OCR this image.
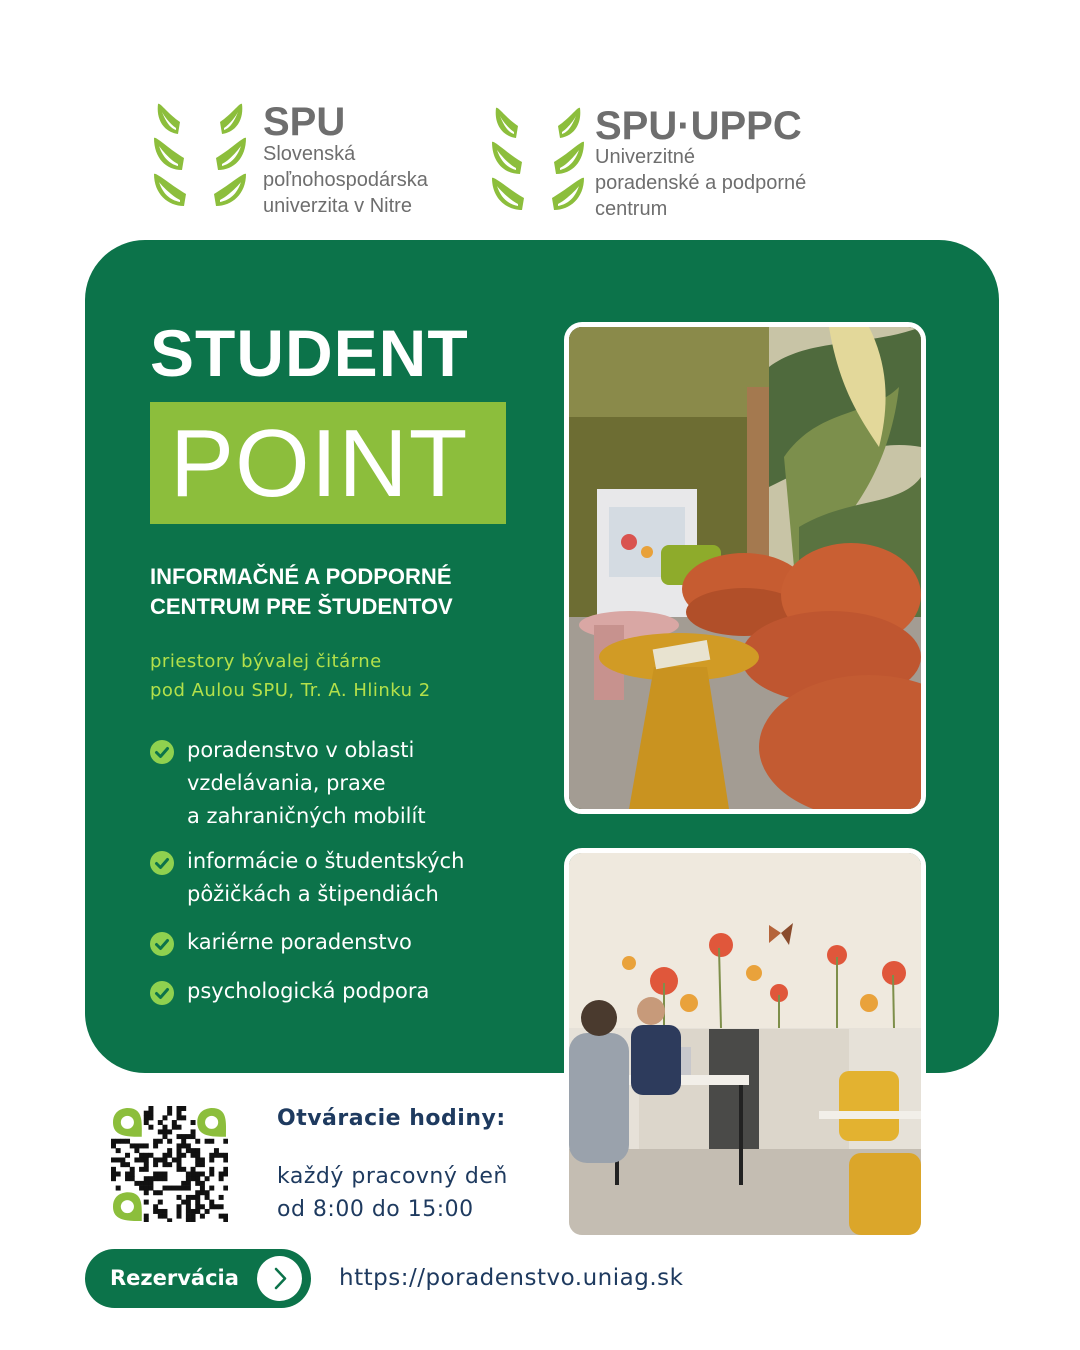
SPU
Slovenská
poľnohospodárska
univerzita v Nitre
SPU·UPPC
Univerzitné
poradenské a podporné
centrum
STUDENT
POINT
INFORMAČNÉ A PODPORNÉ
CENTRUM PRE ŠTUDENTOV
priestory bývalej čitárne
pod Aulou SPU, Tr. A. Hlinku 2
poradenstvo v oblasti
vzdelávania, praxe
a zahraničných mobilít
informácie o študentských
pôžičkách a štipendiách
kariérne poradenstvo
psychologická podpora
Otváracie hodiny:
každý pracovný deň
od 8:00 do 15:00
Rezervácia	https://poradenstvo.uniag.sk
